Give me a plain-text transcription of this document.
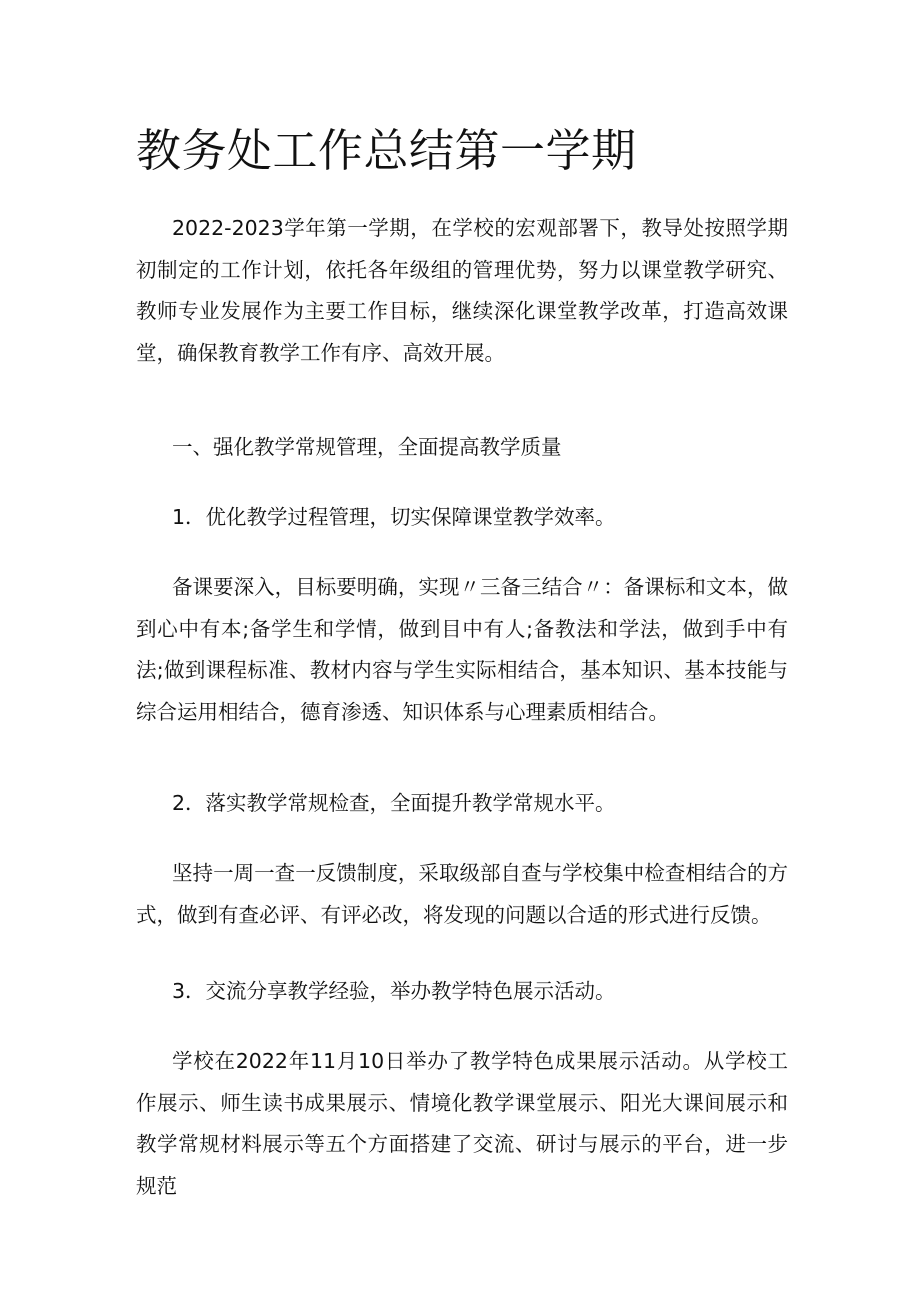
教务处工作总结第一学期

2022-2023学年第一学期，在学校的宏观部署下，教导处按照学期初制定的工作计划，依托各年级组的管理优势，努力以课堂教学研究、教师专业发展作为主要工作目标，继续深化课堂教学改革，打造高效课堂，确保教育教学工作有序、高效开展。

一、强化教学常规管理，全面提高教学质量

1．优化教学过程管理，切实保障课堂教学效率。

备课要深入，目标要明确，实现〃三备三结合〃：备课标和文本，做到心中有本;备学生和学情，做到目中有人;备教法和学法，做到手中有法;做到课程标准、教材内容与学生实际相结合，基本知识、基本技能与综合运用相结合，德育渗透、知识体系与心理素质相结合。

2．落实教学常规检查，全面提升教学常规水平。

坚持一周一查一反馈制度，采取级部自查与学校集中检查相结合的方式，做到有查必评、有评必改，将发现的问题以合适的形式进行反馈。

3．交流分享教学经验，举办教学特色展示活动。

学校在2022年11月10日举办了教学特色成果展示活动。从学校工作展示、师生读书成果展示、情境化教学课堂展示、阳光大课间展示和教学常规材料展示等五个方面搭建了交流、研讨与展示的平台，进一步规范
